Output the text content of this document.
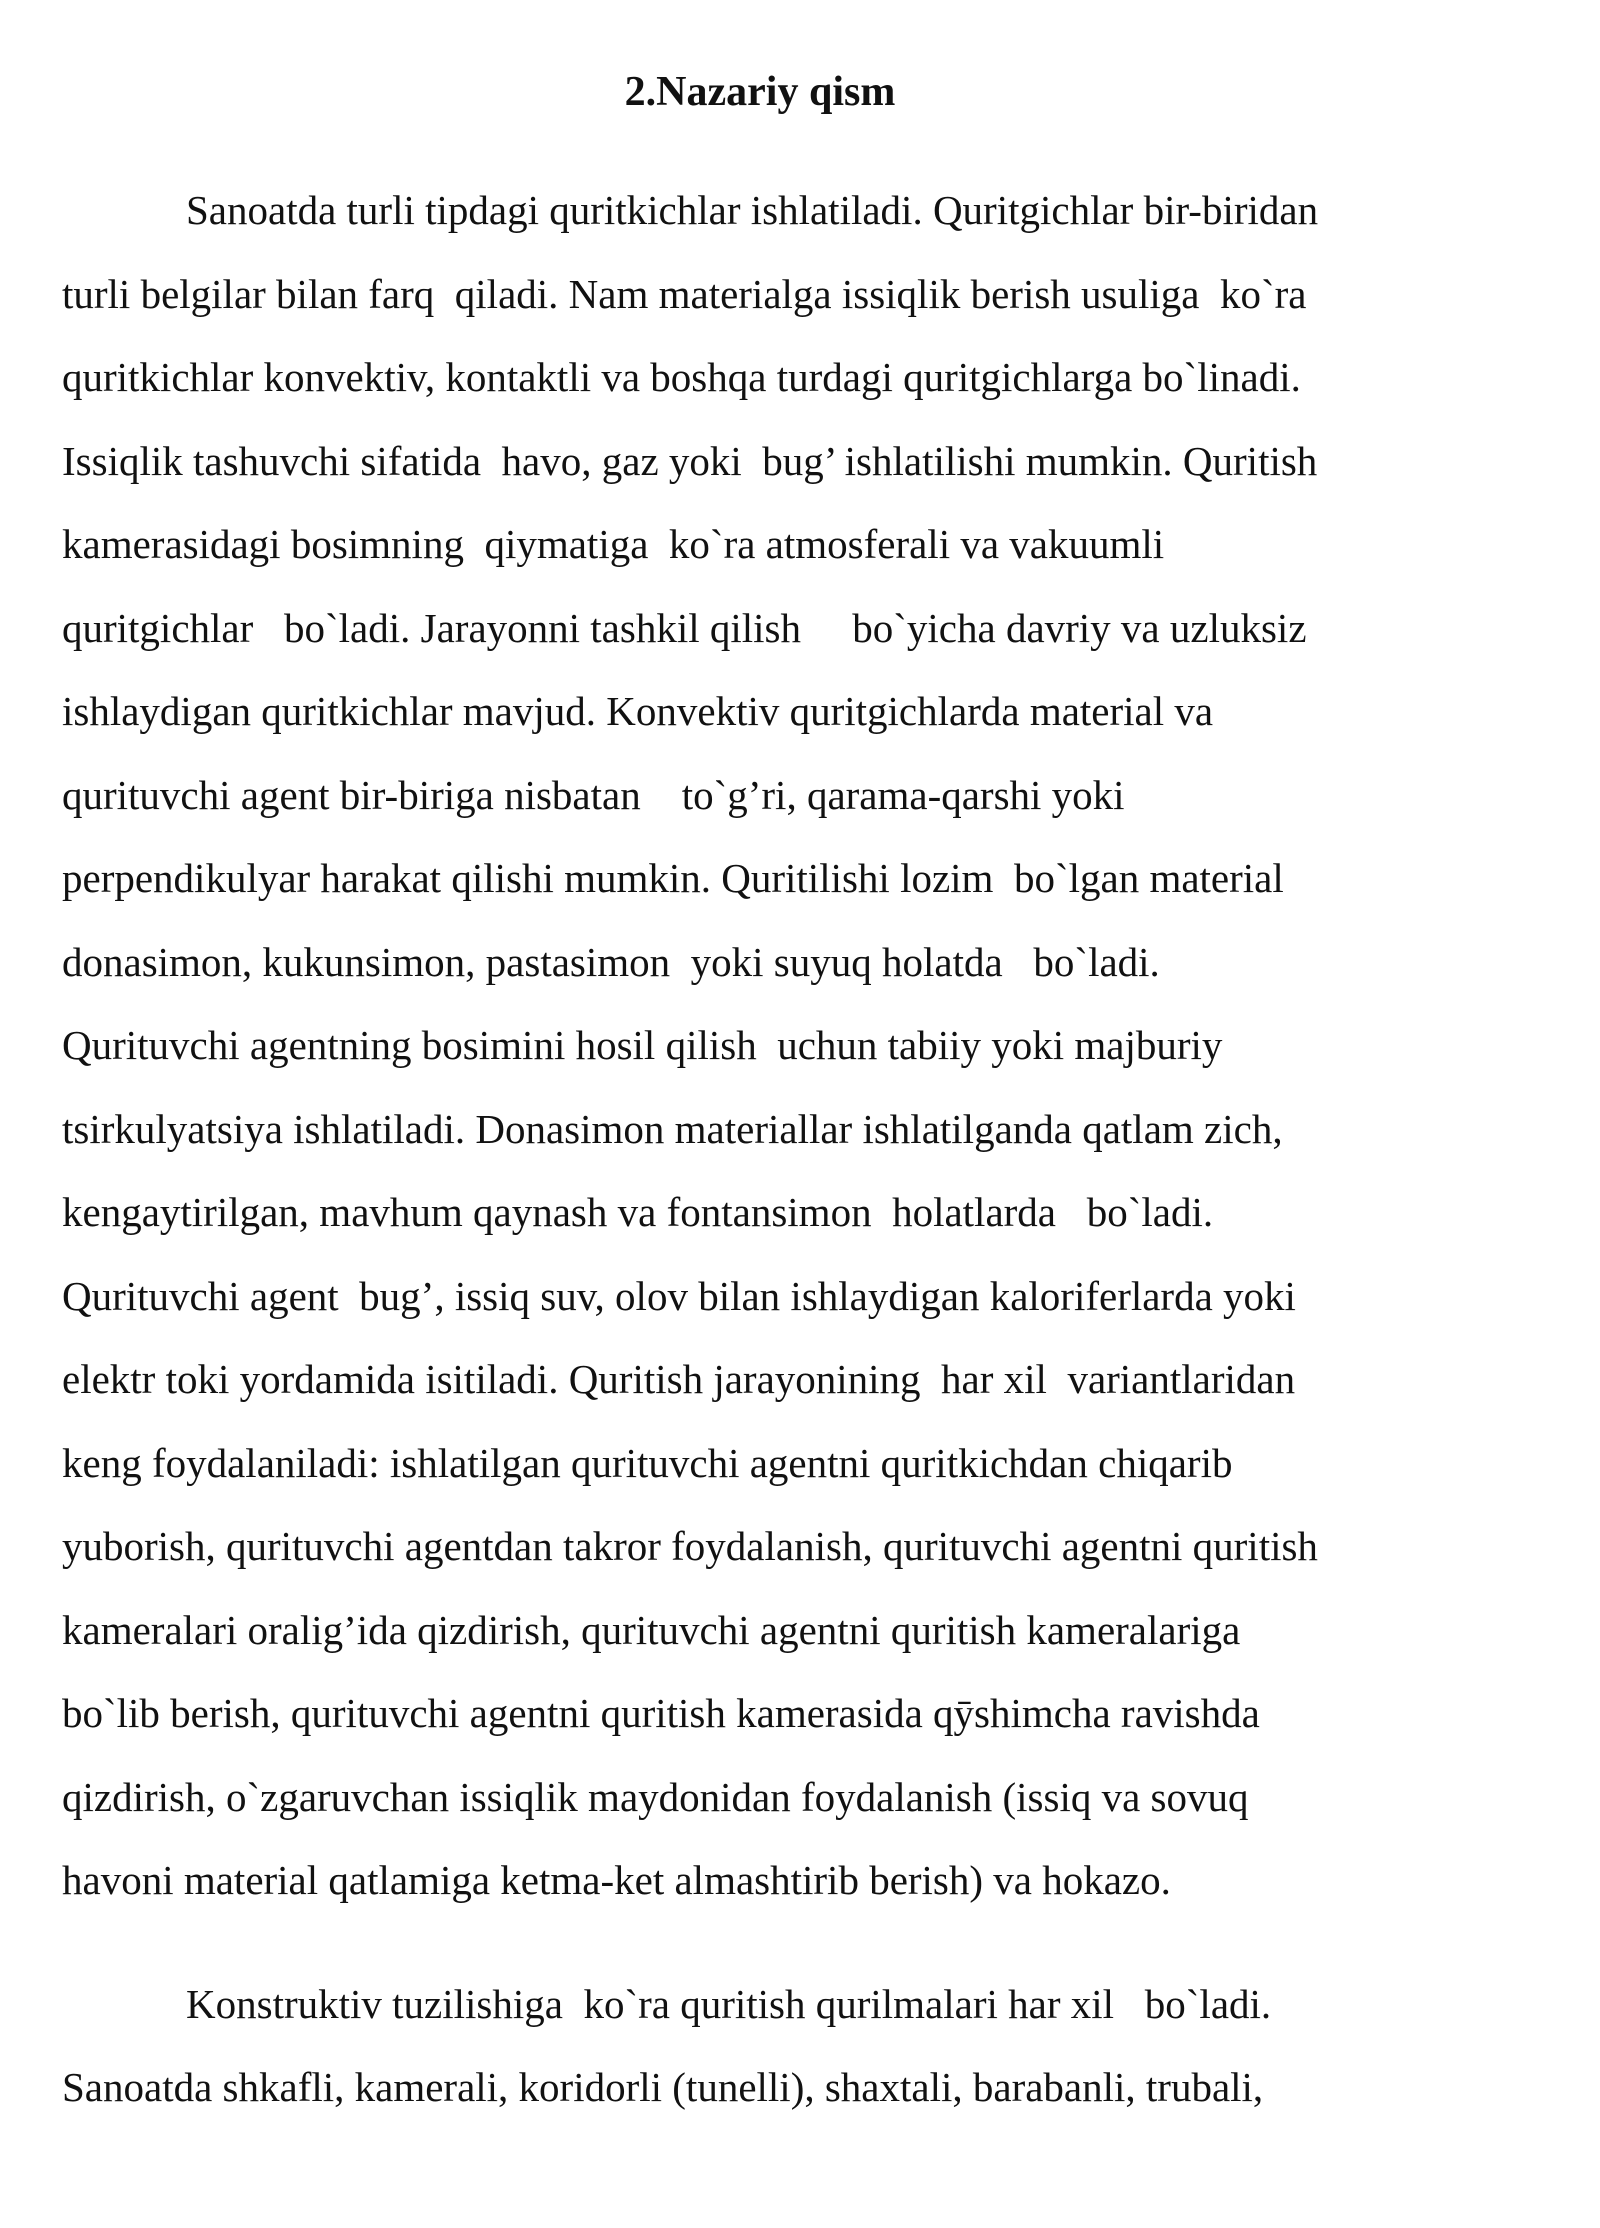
2.Nazariy qism
Sanoatda turli tipdagi quritkichlar ishlatiladi. Quritgichlar bir-biridan
turli belgilar bilan farq  qiladi. Nam materialga issiqlik berish usuliga  ko`ra
quritkichlar konvektiv, kontaktli va boshqa turdagi quritgichlarga bo`linadi.
Issiqlik tashuvchi sifatida  havo, gaz yoki  bug’ ishlatilishi mumkin. Quritish
kamerasidagi bosimning  qiymatiga  ko`ra atmosferali va vakuumli
quritgichlar   bo`ladi. Jarayonni tashkil qilish     bo`yicha davriy va uzluksiz
ishlaydigan quritkichlar mavjud. Konvektiv quritgichlarda material va
qurituvchi agent bir-biriga nisbatan    to`g’ri, qarama-qarshi yoki
perpendikulyar harakat qilishi mumkin. Quritilishi lozim  bo`lgan material
donasimon, kukunsimon, pastasimon  yoki suyuq holatda   bo`ladi.
Qurituvchi agentning bosimini hosil qilish  uchun tabiiy yoki majburiy
tsirkulyatsiya ishlatiladi. Donasimon materiallar ishlatilganda qatlam zich,
kengaytirilgan, mavhum qaynash va fontansimon  holatlarda   bo`ladi.
Qurituvchi agent  bug’, issiq suv, olov bilan ishlaydigan kaloriferlarda yoki
elektr toki yordamida isitiladi. Quritish jarayonining  har xil  variantlaridan
keng foydalaniladi: ishlatilgan qurituvchi agentni quritkichdan chiqarib
yuborish, qurituvchi agentdan takror foydalanish, qurituvchi agentni quritish
kameralari oralig’ida qizdirish, qurituvchi agentni quritish kameralariga
bo`lib berish, qurituvchi agentni quritish kamerasida qӯshimcha ravishda
qizdirish, o`zgaruvchan issiqlik maydonidan foydalanish (issiq va sovuq
havoni material qatlamiga ketma-ket almashtirib berish) va hokazo.
Konstruktiv tuzilishiga  ko`ra quritish qurilmalari har xil   bo`ladi.
Sanoatda shkafli, kamerali, koridorli (tunelli), shaxtali, barabanli, trubali,
